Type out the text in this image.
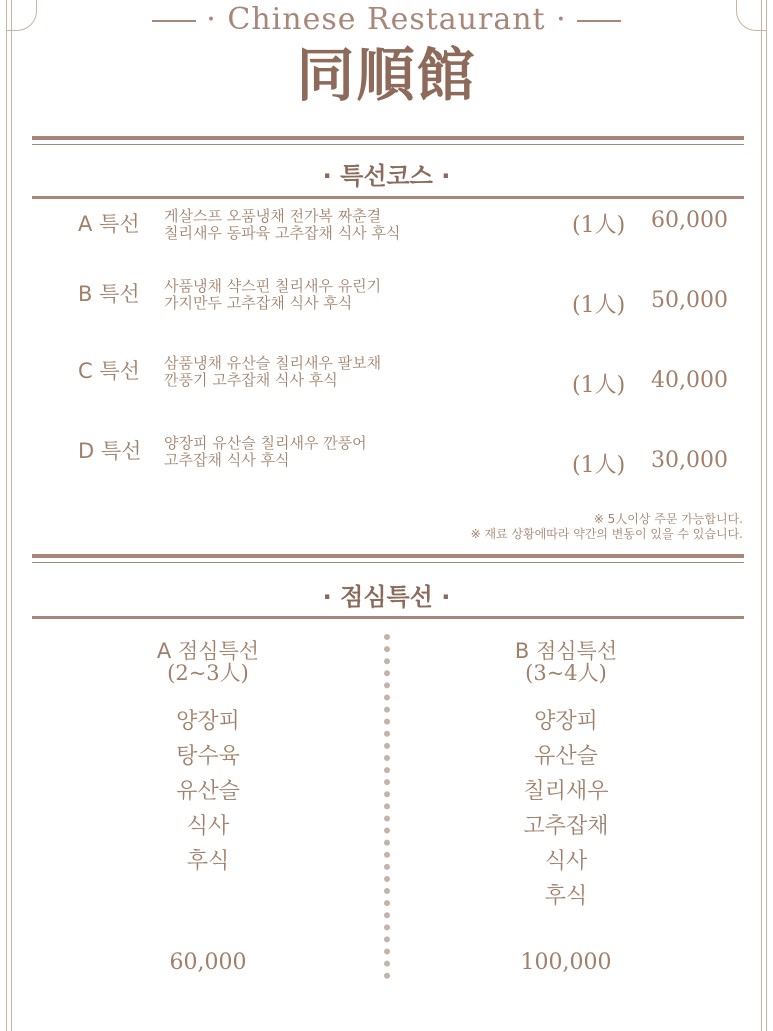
· Chinese Restaurant ·
同順館
· 특선코스 ·
A 특선 게살스프 오품냉채 전가복 짜춘결
칠리새우 동파육 고추잡채 식사 후식	(1人) 60,000
B 특선 사품냉채 샥스핀 칠리새우 유린기
가지만두 고추잡채 식사 후식	(1人) 50,000
C 특선 삼품냉채 유산슬 칠리새우 팔보채
깐풍기 고추잡채 식사 후식	(1人) 40,000
D 특선 양장피 유산슬 칠리새우 깐풍어
고추잡채 식사 후식	(1人) 30,000
※ 5人이상 주문 가능합니다.
※ 재료 상황에따라 약간의 변동이 있을 수 있습니다.
· 점심특선 ·
A 점심특선
(2~3人)
양장피
탕수육
유산슬
식사
후식
60,000
B 점심특선
(3~4人)
양장피
유산슬
칠리새우
고추잡채
식사
후식
100,000
